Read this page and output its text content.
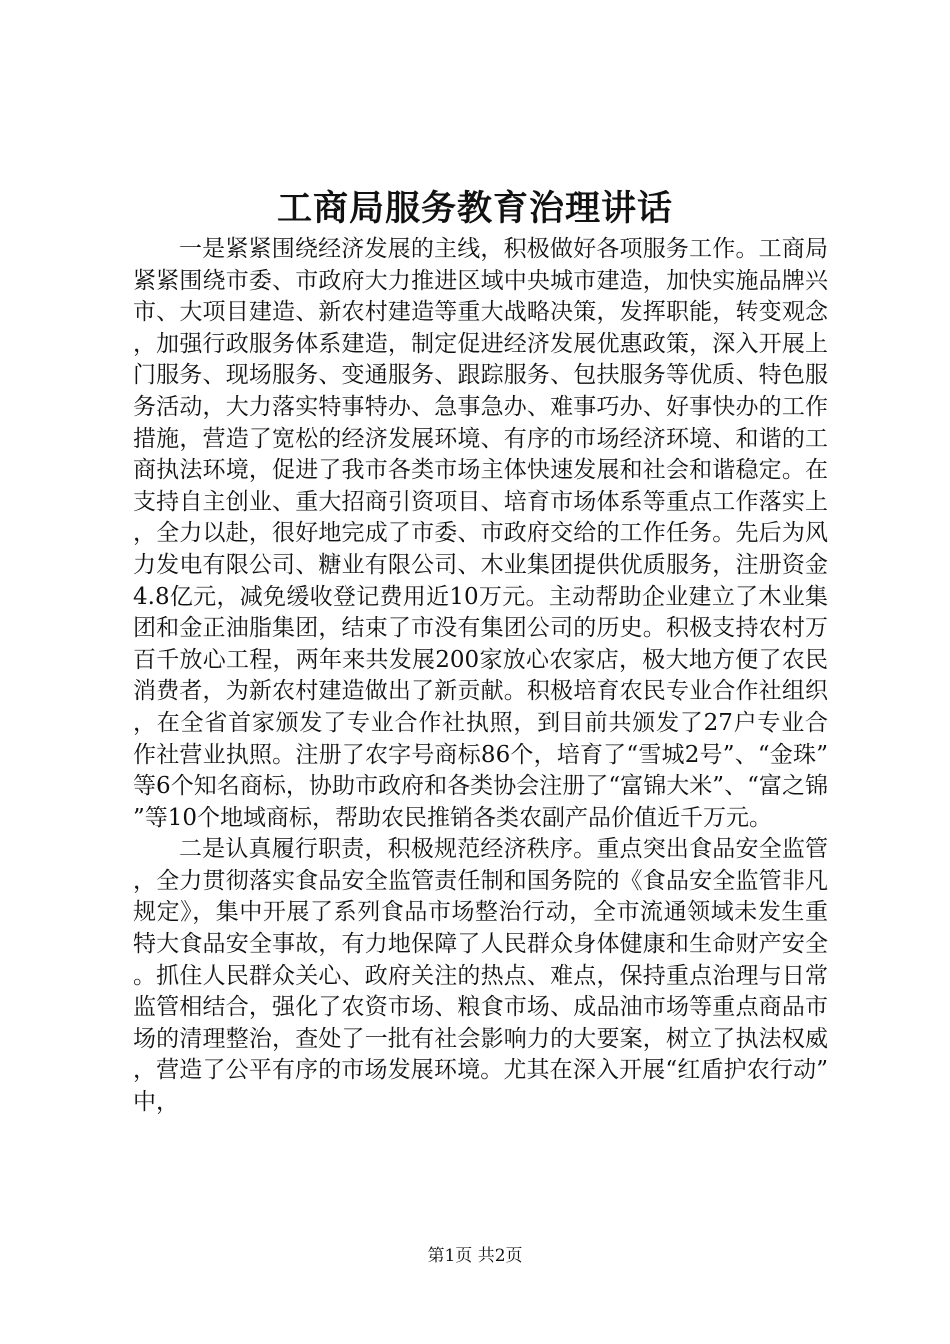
工商局服务教育治理讲话

一是紧紧围绕经济发展的主线，积极做好各项服务工作。工商局紧紧围绕市委、市政府大力推进区域中央城市建造，加快实施品牌兴市、大项目建造、新农村建造等重大战略决策，发挥职能，转变观念，加强行政服务体系建造，制定促进经济发展优惠政策，深入开展上门服务、现场服务、变通服务、跟踪服务、包扶服务等优质、特色服务活动，大力落实特事特办、急事急办、难事巧办、好事快办的工作措施，营造了宽松的经济发展环境、有序的市场经济环境、和谐的工商执法环境，促进了我市各类市场主体快速发展和社会和谐稳定。在支持自主创业、重大招商引资项目、培育市场体系等重点工作落实上，全力以赴，很好地完成了市委、市政府交给的工作任务。先后为风力发电有限公司、糖业有限公司、木业集团提供优质服务，注册资金4.8亿元，减免缓收登记费用近10万元。主动帮助企业建立了木业集团和金正油脂集团，结束了市没有集团公司的历史。积极支持农村万百千放心工程，两年来共发展200家放心农家店，极大地方便了农民消费者，为新农村建造做出了新贡献。积极培育农民专业合作社组织，在全省首家颁发了专业合作社执照，到目前共颁发了27户专业合作社营业执照。注册了农字号商标86个，培育了“雪城2号”、“金珠”等6个知名商标，协助市政府和各类协会注册了“富锦大米”、“富之锦”等10个地域商标，帮助农民推销各类农副产品价值近千万元。

二是认真履行职责，积极规范经济秩序。重点突出食品安全监管，全力贯彻落实食品安全监管责任制和国务院的《食品安全监管非凡规定》，集中开展了系列食品市场整治行动，全市流通领域未发生重特大食品安全事故，有力地保障了人民群众身体健康和生命财产安全。抓住人民群众关心、政府关注的热点、难点，保持重点治理与日常监管相结合，强化了农资市场、粮食市场、成品油市场等重点商品市场的清理整治，查处了一批有社会影响力的大要案，树立了执法权威，营造了公平有序的市场发展环境。尤其在深入开展“红盾护农行动”中，

第1页 共2页
